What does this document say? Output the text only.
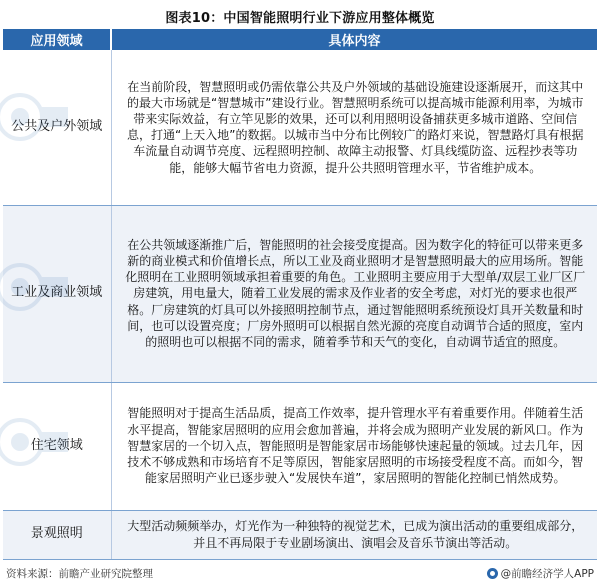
图表10：中国智能照明行业下游应用整体概览
应用领域	具体内容
公共及户外领域	在当前阶段，智慧照明或仍需依靠公共及户外领域的基础设施建设逐渐展开，而这其中的最大市场就是“智慧城市”建设行业。智慧照明系统可以提高城市能源利用率，为城市带来实际效益，有立竿见影的效果，还可以利用照明设备捕获更多城市道路、空间信息，打通“上天入地”的数据。以城市当中分布比例较广的路灯来说，智慧路灯具有根据车流量自动调节亮度、远程照明控制、故障主动报警、灯具线缆防盗、远程抄表等功能，能够大幅节省电力资源，提升公共照明管理水平，节省维护成本。
工业及商业领域	在公共领域逐渐推广后，智能照明的社会接受度提高。因为数字化的特征可以带来更多新的商业模式和价值增长点，所以工业及商业照明才是智慧照明最大的应用场所。智能化照明在工业照明领域承担着重要的角色。工业照明主要应用于大型单/双层工业厂区厂房建筑，用电量大，随着工业发展的需求及作业者的安全考虑，对灯光的要求也很严格。厂房建筑的灯具可以外接照明控制节点，通过智能照明系统预设灯具开关数量和时间，也可以设置亮度；厂房外照明可以根据自然光源的亮度自动调节合适的照度，室内的照明也可以根据不同的需求，随着季节和天气的变化，自动调节适宜的照度。
住宅领域	智能照明对于提高生活品质，提高工作效率，提升管理水平有着重要作用。伴随着生活水平提高，智能家居照明的应用会愈加普遍，并将会成为照明产业发展的新风口。作为智慧家居的一个切入点，智能照明是智能家居市场能够快速起量的领域。过去几年，因技术不够成熟和市场培育不足等原因，智能家居照明的市场接受程度不高。而如今，智能家居照明产业已逐步驶入“发展快车道”，家居照明的智能化控制已悄然成势。
景观照明	大型活动频频举办，灯光作为一种独特的视觉艺术，已成为演出活动的重要组成部分，并且不再局限于专业剧场演出、演唱会及音乐节演出等活动。
资料来源：前瞻产业研究院整理	@前瞻经济学人APP
